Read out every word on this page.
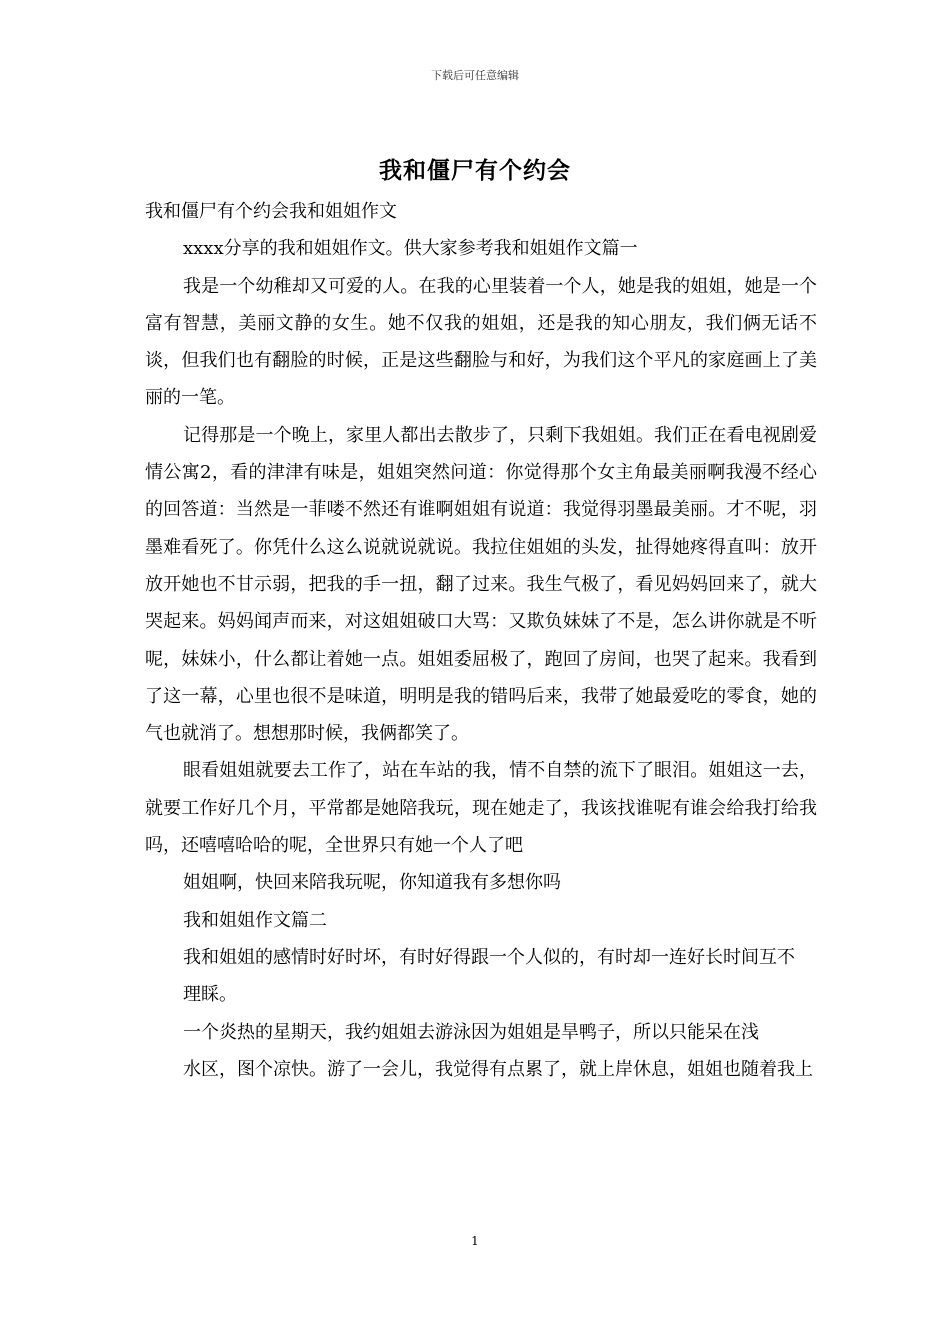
下载后可任意编辑
我和僵尸有个约会

我和僵尸有个约会我和姐姐作文

xxxx分享的我和姐姐作文。供大家参考我和姐姐作文篇一

我是一个幼稚却又可爱的人。在我的心里装着一个人，她是我的姐姐，她是一个富有智慧，美丽文静的女生。她不仅我的姐姐，还是我的知心朋友，我们俩无话不谈，但我们也有翻脸的时候，正是这些翻脸与和好，为我们这个平凡的家庭画上了美丽的一笔。

记得那是一个晚上，家里人都出去散步了，只剩下我姐姐。我们正在看电视剧爱情公寓2，看的津津有味是，姐姐突然问道：你觉得那个女主角最美丽啊我漫不经心的回答道：当然是一菲喽不然还有谁啊姐姐有说道：我觉得羽墨最美丽。才不呢，羽墨难看死了。你凭什么这么说就说就说。我拉住姐姐的头发，扯得她疼得直叫：放开放开她也不甘示弱，把我的手一扭，翻了过来。我生气极了，看见妈妈回来了，就大哭起来。妈妈闻声而来，对这姐姐破口大骂：又欺负妹妹了不是，怎么讲你就是不听呢，妹妹小，什么都让着她一点。姐姐委屈极了，跑回了房间，也哭了起来。我看到了这一幕，心里也很不是味道，明明是我的错吗后来，我带了她最爱吃的零食，她的气也就消了。想想那时候，我俩都笑了。

眼看姐姐就要去工作了，站在车站的我，情不自禁的流下了眼泪。姐姐这一去，就要工作好几个月，平常都是她陪我玩，现在她走了，我该找谁呢有谁会给我打给我吗，还嘻嘻哈哈的呢，全世界只有她一个人了吧

姐姐啊，快回来陪我玩呢，你知道我有多想你吗

我和姐姐作文篇二

我和姐姐的感情时好时坏，有时好得跟一个人似的，有时却一连好长时间互不

理睬。

一个炎热的星期天，我约姐姐去游泳因为姐姐是旱鸭子，所以只能呆在浅

水区，图个凉快。游了一会儿，我觉得有点累了，就上岸休息，姐姐也随着我上

1
